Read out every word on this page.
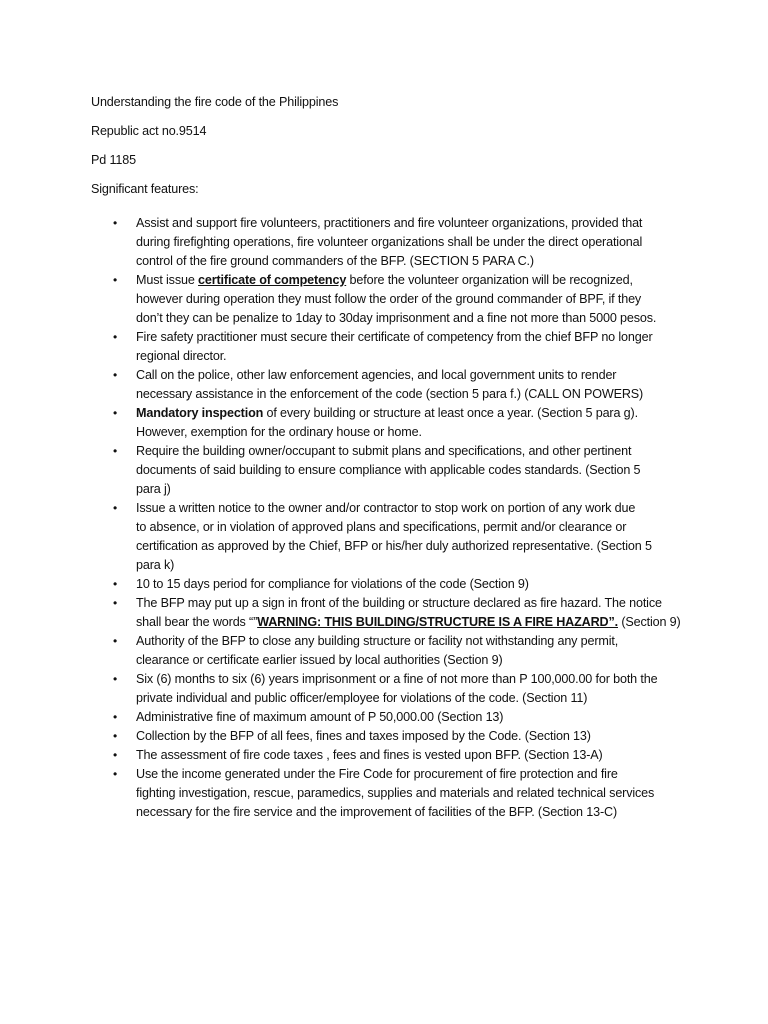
Understanding the fire code of the Philippines

Republic act no.9514

Pd 1185

Significant features:

• Assist and support fire volunteers, practitioners and fire volunteer organizations, provided that
during firefighting operations, fire volunteer organizations shall be under the direct operational
control of the fire ground commanders of the BFP. (SECTION 5 PARA C.)
• Must issue certificate of competency before the volunteer organization will be recognized,
however during operation they must follow the order of the ground commander of BPF, if they
don’t they can be penalize to 1day to 30day imprisonment and a fine not more than 5000 pesos.
• Fire safety practitioner must secure their certificate of competency from the chief BFP no longer
regional director.
• Call on the police, other law enforcement agencies, and local government units to render
necessary assistance in the enforcement of the code (section 5 para f.) (CALL ON POWERS)
• Mandatory inspection of every building or structure at least once a year. (Section 5 para g).
However, exemption for the ordinary house or home.
• Require the building owner/occupant to submit plans and specifications, and other pertinent
documents of said building to ensure compliance with applicable codes standards. (Section 5
para j)
• Issue a written notice to the owner and/or contractor to stop work on portion of any work due
to absence, or in violation of approved plans and specifications, permit and/or clearance or
certification as approved by the Chief, BFP or his/her duly authorized representative. (Section 5
para k)
• 10 to 15 days period for compliance for violations of the code (Section 9)
• The BFP may put up a sign in front of the building or structure declared as fire hazard. The notice
shall bear the words “”WARNING: THIS BUILDING/STRUCTURE IS A FIRE HAZARD”. (Section 9)
• Authority of the BFP to close any building structure or facility not withstanding any permit,
clearance or certificate earlier issued by local authorities (Section 9)
• Six (6) months to six (6) years imprisonment or a fine of not more than P 100,000.00 for both the
private individual and public officer/employee for violations of the code. (Section 11)
• Administrative fine of maximum amount of P 50,000.00 (Section 13)
• Collection by the BFP of all fees, fines and taxes imposed by the Code. (Section 13)
• The assessment of fire code taxes , fees and fines is vested upon BFP. (Section 13-A)
• Use the income generated under the Fire Code for procurement of fire protection and fire
fighting investigation, rescue, paramedics, supplies and materials and related technical services
necessary for the fire service and the improvement of facilities of the BFP. (Section 13-C)
